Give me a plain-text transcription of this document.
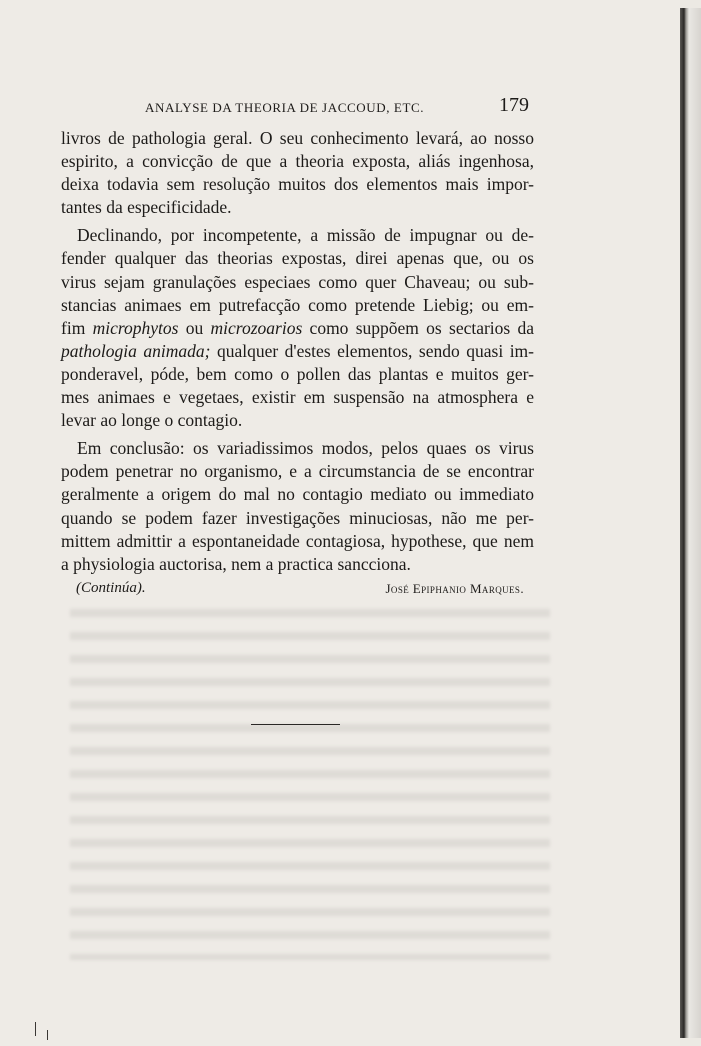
ANALYSE DA THEORIA DE JACCOUD, ETC.	179

livros de pathologia geral. O seu conhecimento levará, ao nosso
espirito, a convicção de que a theoria exposta, aliás ingenhosa,
deixa todavia sem resolução muitos dos elementos mais impor-
tantes da especificidade.

Declinando, por incompetente, a missão de impugnar ou de-
fender qualquer das theorias expostas, direi apenas que, ou os
virus sejam granulações especiaes como quer Chaveau; ou sub-
stancias animaes em putrefacção como pretende Liebig; ou em-
fim microphytos ou microzoarios como suppõem os sectarios da
pathologia animada; qualquer d'estes elementos, sendo quasi im-
ponderavel, póde, bem como o pollen das plantas e muitos ger-
mes animaes e vegetaes, existir em suspensão na atmosphera e
levar ao longe o contagio.

Em conclusão: os variadissimos modos, pelos quaes os virus
podem penetrar no organismo, e a circumstancia de se encontrar
geralmente a origem do mal no contagio mediato ou immediato
quando se podem fazer investigações minuciosas, não me per-
mittem admittir a espontaneidade contagiosa, hypothese, que nem
a physiologia auctorisa, nem a practica sancciona.

(Continúa).	José Epiphanio Marques.
